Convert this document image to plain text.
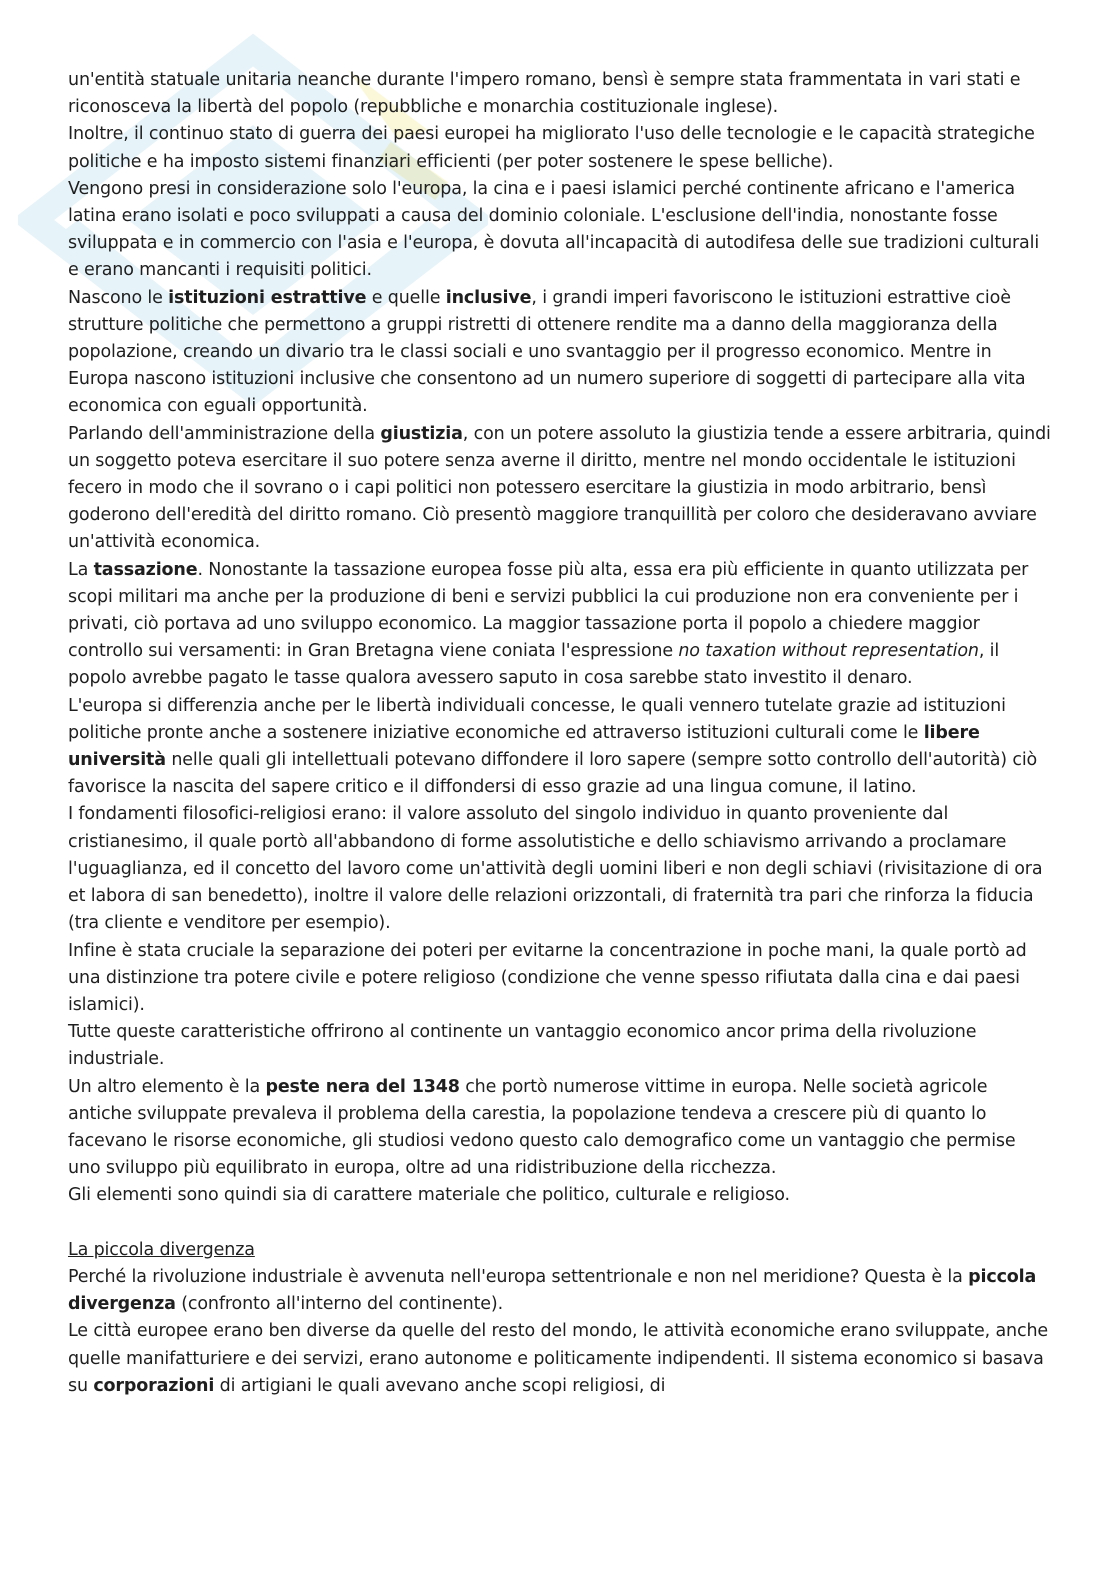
un'entità statuale unitaria neanche durante l'impero romano, bensì è sempre stata frammentata in vari stati e riconosceva la libertà del popolo (repubbliche e monarchia costituzionale inglese).

Inoltre, il continuo stato di guerra dei paesi europei ha migliorato l'uso delle tecnologie e le capacità strategiche politiche e ha imposto sistemi finanziari efficienti (per poter sostenere le spese belliche).

Vengono presi in considerazione solo l'europa, la cina e i paesi islamici perché continente africano e l'america latina erano isolati e poco sviluppati a causa del dominio coloniale. L'esclusione dell'india, nonostante fosse sviluppata e in commercio con l'asia e l'europa, è dovuta all'incapacità di autodifesa delle sue tradizioni culturali e erano mancanti i requisiti politici.

Nascono le istituzioni estrattive e quelle inclusive, i grandi imperi favoriscono le istituzioni estrattive cioè strutture politiche che permettono a gruppi ristretti di ottenere rendite ma a danno della maggioranza della popolazione, creando un divario tra le classi sociali e uno svantaggio per il progresso economico. Mentre in Europa nascono istituzioni inclusive che consentono ad un numero superiore di soggetti di partecipare alla vita economica con eguali opportunità.

Parlando dell'amministrazione della giustizia, con un potere assoluto la giustizia tende a essere arbitraria, quindi un soggetto poteva esercitare il suo potere senza averne il diritto, mentre nel mondo occidentale le istituzioni fecero in modo che il sovrano o i capi politici non potessero esercitare la giustizia in modo arbitrario, bensì goderono dell'eredità del diritto romano. Ciò presentò maggiore tranquillità per coloro che desideravano avviare un'attività economica.

La tassazione. Nonostante la tassazione europea fosse più alta, essa era più efficiente in quanto utilizzata per scopi militari ma anche per la produzione di beni e servizi pubblici la cui produzione non era conveniente per i privati, ciò portava ad uno sviluppo economico. La maggior tassazione porta il popolo a chiedere maggior controllo sui versamenti: in Gran Bretagna viene coniata l'espressione no taxation without representation, il popolo avrebbe pagato le tasse qualora avessero saputo in cosa sarebbe stato investito il denaro.

L'europa si differenzia anche per le libertà individuali concesse, le quali vennero tutelate grazie ad istituzioni politiche pronte anche a sostenere iniziative economiche ed attraverso istituzioni culturali come le libere università nelle quali gli intellettuali potevano diffondere il loro sapere (sempre sotto controllo dell'autorità) ciò favorisce la nascita del sapere critico e il diffondersi di esso grazie ad una lingua comune, il latino.

I fondamenti filosofici-religiosi erano: il valore assoluto del singolo individuo in quanto proveniente dal cristianesimo, il quale portò all'abbandono di forme assolutistiche e dello schiavismo arrivando a proclamare l'uguaglianza, ed il concetto del lavoro come un'attività degli uomini liberi e non degli schiavi (rivisitazione di ora et labora di san benedetto), inoltre il valore delle relazioni orizzontali, di fraternità tra pari che rinforza la fiducia (tra cliente e venditore per esempio).

Infine è stata cruciale la separazione dei poteri per evitarne la concentrazione in poche mani, la quale portò ad una distinzione tra potere civile e potere religioso (condizione che venne spesso rifiutata dalla cina e dai paesi islamici).

Tutte queste caratteristiche offrirono al continente un vantaggio economico ancor prima della rivoluzione industriale.

Un altro elemento è la peste nera del 1348 che portò numerose vittime in europa. Nelle società agricole antiche sviluppate prevaleva il problema della carestia, la popolazione tendeva a crescere più di quanto lo facevano le risorse economiche, gli studiosi vedono questo calo demografico come un vantaggio che permise uno sviluppo più equilibrato in europa, oltre ad una ridistribuzione della ricchezza.

Gli elementi sono quindi sia di carattere materiale che politico, culturale e religioso.

La piccola divergenza

Perché la rivoluzione industriale è avvenuta nell'europa settentrionale e non nel meridione? Questa è la piccola divergenza (confronto all'interno del continente).

Le città europee erano ben diverse da quelle del resto del mondo, le attività economiche erano sviluppate, anche quelle manifatturiere e dei servizi, erano autonome e politicamente indipendenti. Il sistema economico si basava su corporazioni di artigiani le quali avevano anche scopi religiosi, di
